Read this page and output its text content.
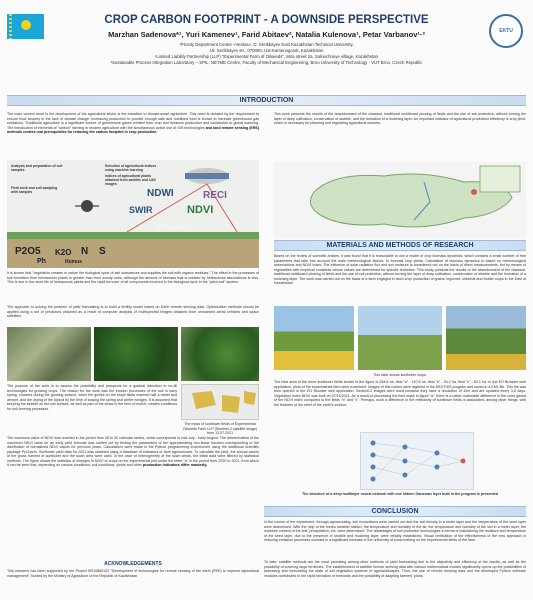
EKTU
CROP CARBON FOOTPRINT - A DOWNSIDE PERSPECTIVE
Marzhan Sadenova*¹, Yuri Kamenev¹, Farid Abitaev², Natalia Kulenova¹, Petar Varbanov¹·³
¹Priority Department Centre «Veritas», D. Serikbayev East Kazakhstan Technical University,
19, Serikbayev str., 070000, Ust-Kamenogorsk, Kazakhstan
²Limited Liability Partnership (LLP) "Experimental Farm of Oilseeds", Mira street 2a, Solnechnoye village, Kazakhstan
³Sustainable Process Integration Laboratory – SPIL, NETME Centre, Faculty of Mechanical Engineering, Brno University of Technology - VUT Brno, Czech Republic
INTRODUCTION
The main current trend in the development of the agricultural sector is the transition to climate-smart agriculture. This need is dictated by the requirement to ensure food security in the face of climate change: increasing production to provide enough safe and nutritious food is known to increase greenhouse gas emissions. Traditional agriculture is a significant source of greenhouse gases emitted from crop and livestock production and contributes to global warming. The introduction of elements of "carbon" farming in modern agriculture with the simultaneous active use of GIS technologies and land remote sensing (ERS) methods creates real prerequisites for reducing the carbon footprint in crop production.
This work presents the results of the abandonment of the classical, traditional moldboard plowing of fields and the use of soil protective, without turning the layer of deep cultivation, conservation of stubble, and the formation of a mulching layer. An important indicator of agricultural production efficiency is crop yield, which is necessary for planning and regulating agricultural markets.
NDWI	RECI
SWIR	NDVI
MSAVI
P2O5 K2O N S
Ph	Humus
Analysis and preparation of soil samples
Field work and soil sampling with samples
Selection of agricultural indices using machine learning
Indices of agricultural plants obtained from satellite and UAV images
It is known that "vegetation creates in nature the biological cycle of ash substances and supplies the soil with organic residues." The effect in the processes of soil formation from herbaceous plants is greater than from woody ones, although the amount of biomass that is created by herbaceous associations is less. This is due to the short life of herbaceous plants and the rapid turnover of all components involved in the biological cycle in the "plant-soil" system.
The approach to solving the problem of yield forecasting is to build a fertility model based on Earth remote sensing data. Optimization methods should be applied using a set of predictors obtained as a result of computer analysis of multispectral images obtained from unmanned aerial vehicles and space satellites.
The purpose of the work is to assess the possibility and prospects for a gradual transition to no-till technologies for growing crops. The reason for the work was the erosion processes of the soil in early spring, showers during the growing season, when the gullies on the slope fields reached half a meter and deeper, and the drying of the topsoil by the time of sowing the spring and winter wedges. It is assumed that keeping the stubble on the soil surface, as well as part of the straw in the form of mulch, creates conditions for soil-forming processes.
The mask of sunflower fields of Experimental Oilseeds Farm LLP (Sentinel-2 satellite image) from 13.07.2021
The maximum value of NDVI was reached in the period from 28 to 30 calendar weeks, which corresponds to mid-July - early August. The determination of the maximum NDVI value for an early yield forecast was carried out by finding the parameters of the approximating non-linear function corresponding to the distribution of normalized NDVI values for previous years. Calculations were made in the Python programming environment using the additional scientific package PyCharm. Sunflower yield data for 2021 was obtained using a database of indicators of farm agroservices. To calculate the yield, the annual values of the gross harvest of sunflower and the sown area were used. In the case of heterogeneity of the sown areas, the initial data were filtered by statistical methods. The figure shows the statistics of changes in NDVI of crops on the experimental plot under the letter "a" in the period from 2020 to 2021, from which it can be seen that, depending on various conditions, soil conditions, yields and other production indicators differ markedly.
ACKNOWLEDGEMENTS
This research has been supported by the Project BR10865102 "Development of technologies for remote sensing of the earth (RSE) to improve agricultural management", funded by the Ministry of Agriculture of the Republic of Kazakhstan.
MATERIALS AND METHODS OF RESEARCH
Based on the review of scientific articles, it was found that it is reasonable to use a model of crop biomass dynamics, which contains a small number of free parameters that take into account the main meteorological factors, to forecast crop yields. Calculation of biomass dynamics is based on meteorological observations and NDVI index. The influence of solar radiation flux and soil moisture is considered not on the basis of direct measurements, but by means of regularities with empirical constants whose values are determined for specific territories. This study presents the results of the abandonment of the classical, traditional moldboard plowing of fields and the use of soil protective, without turning the layer of deep cultivation, conservation of stubble and the formation of a mulching layer. The work was carried out on the basis of a farm engaged in seed crop production of grains, legumes, oilseeds and fodder crops in the East of Kazakhstan.
This slide shows sunflower crops.
The total area of the three sunflower fields shown in the figure is 264.8 ha, field "a" - 110.5 ha, field "b" - 54.2 ha, field "c" - 82.1 ha. In the EO Browser web application, plots of the experimental farm were examined. Images of this culture were digitized in the NEXTGIS program and saved in a KML file. This file was then opened in the EO Browser web application. Sentinel-2 images were used because they have a resolution of 10m and are updated every 3-5 days. Vegetation index NDVI was built on 07/13/2021. As a result of processing the field mask in figure "a", there is a rather noticeable difference in the color gamut of the NDVI index compared to the fields "b" and "c". Perhaps, such a difference in the reflectivity of sunflower fields is associated, among other things, with the features of the relief of the earth's surface.
The structure of a deep multilayer neural network with one hidden Gaussian layer built in the program is presented
CONCLUSION
In the course of the experiment, through agroscouting, soil excavations were carried out and the soil density in a meter layer and the temperature of the seed layer were determined. With the help of the meteo weather station, the temperature and humidity of the air, the temperature and humidity of the soil in a meter layer, the moisture content of the leaf, precipitation, etc. were determined. The advantages of soil protection technologies in terms of maintaining the moisture and temperature of the seed layer, due to the presence of stubble and mulching layer, were reliably established. Visual verification of the effectiveness of the new approach in reducing emission processes consists in a significant increase in the uniformity of snow melting on the experimental fields of the farm.
To date, satellite methods are the most promising among other methods of yield forecasting due to the objectivity and efficiency of the results, as well as the possibility of covering large territories. The establishment of satellite remote sensing data with various mathematical models significantly opens up the possibilities of assessing and forecasting the state of soil-vegetation systems of agrolandscapes. Thus, the use of remote sensing data and the developed Python software modules contributes to the rapid formation of forecasts and the possibility of adapting farmers' plans.
